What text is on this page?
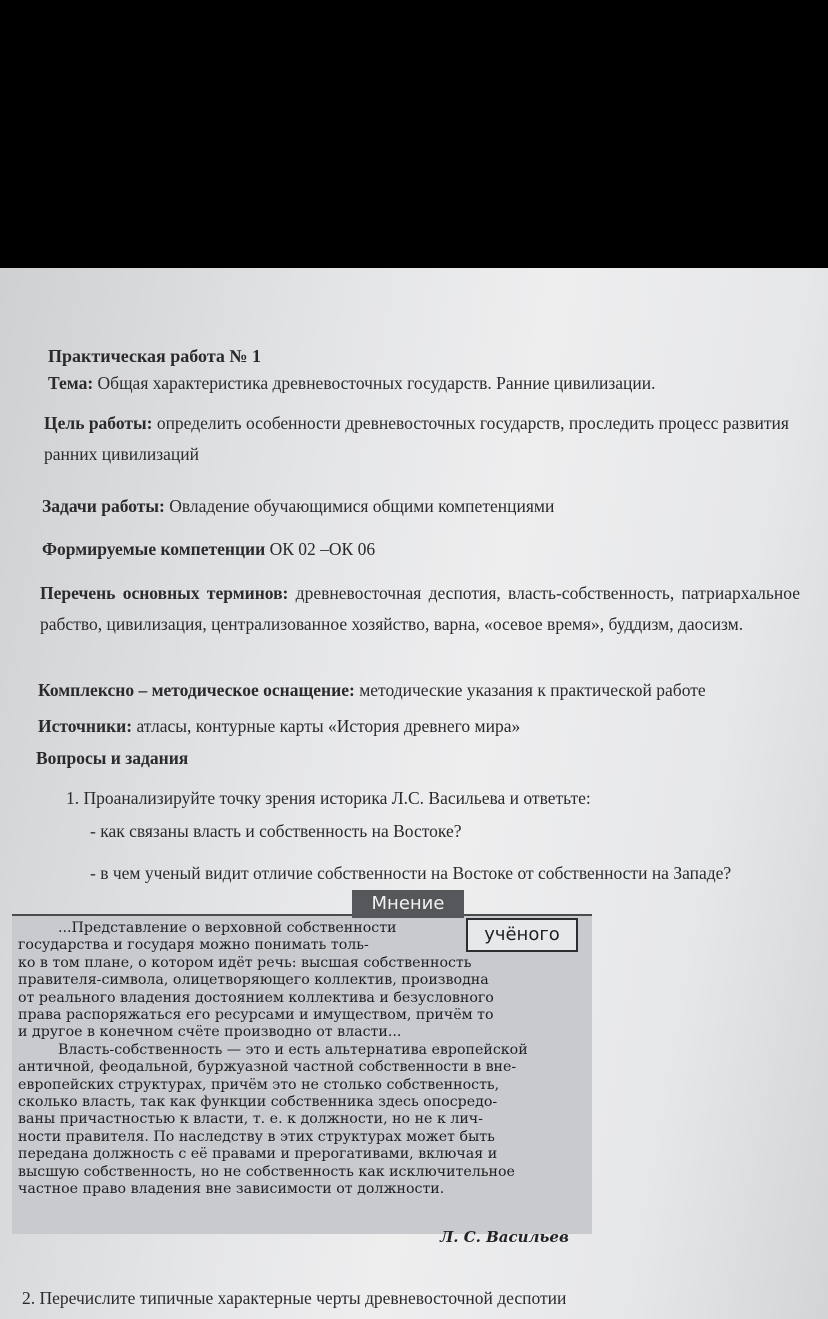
Практическая работа № 1
Тема: Общая характеристика древневосточных государств. Ранние цивилизации.
Цель работы: определить особенности древневосточных государств, проследить процесс развития ранних цивилизаций
Задачи работы: Овладение обучающимися общими компетенциями
Формируемые компетенции ОК 02 –ОК 06
Перечень основных терминов: древневосточная деспотия, власть-собственность, патриархальное рабство, цивилизация, централизованное хозяйство, варна, «осевое время», буддизм, даосизм.
Комплексно – методическое оснащение: методические указания к практической работе
Источники: атласы, контурные карты «История древнего мира»
Вопросы и задания
1. Проанализируйте точку зрения историка Л.С. Васильева и ответьте:
- как связаны власть и собственность на Востоке?
- в чем ученый видит отличие собственности на Востоке от собственности на Западе?
Мнение
учёного
...Представление о верховной собственности
государства и государя можно понимать толь-
ко в том плане, о котором идёт речь: высшая собственность
правителя-символа, олицетворяющего коллектив, производна
от реального владения достоянием коллектива и безусловного
права распоряжаться его ресурсами и имуществом, причём то
и другое в конечном счёте производно от власти...
Власть-собственность — это и есть альтернатива европейской
античной, феодальной, буржуазной частной собственности в вне-
европейских структурах, причём это не столько собственность,
сколько власть, так как функции собственника здесь опосредо-
ваны причастностью к власти, т. е. к должности, но не к лич-
ности правителя. По наследству в этих структурах может быть
передана должность с её правами и прерогативами, включая и
высшую собственность, но не собственность как исключительное
частное право владения вне зависимости от должности.
Л. С. Васильев
2. Перечислите типичные характерные черты древневосточной деспотии
